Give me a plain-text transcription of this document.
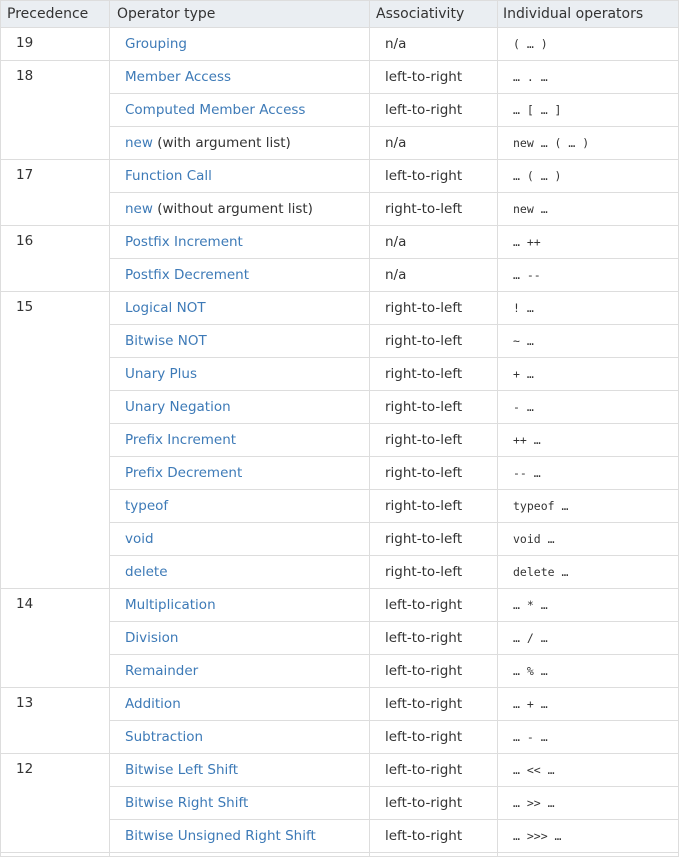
Precedence	Operator type	Associativity	Individual operators
19	Grouping	n/a	( … )
18	Member Access	left-to-right	… . …
	Computed Member Access	left-to-right	… [ … ]
	new (with argument list)	n/a	new … ( … )
17	Function Call	left-to-right	… ( … )
	new (without argument list)	right-to-left	new …
16	Postfix Increment	n/a	… ++
	Postfix Decrement	n/a	… --
15	Logical NOT	right-to-left	! …
	Bitwise NOT	right-to-left	~ …
	Unary Plus	right-to-left	+ …
	Unary Negation	right-to-left	- …
	Prefix Increment	right-to-left	++ …
	Prefix Decrement	right-to-left	-- …
	typeof	right-to-left	typeof …
	void	right-to-left	void …
	delete	right-to-left	delete …
14	Multiplication	left-to-right	… * …
	Division	left-to-right	… / …
	Remainder	left-to-right	… % …
13	Addition	left-to-right	… + …
	Subtraction	left-to-right	… - …
12	Bitwise Left Shift	left-to-right	… << …
	Bitwise Right Shift	left-to-right	… >> …
	Bitwise Unsigned Right Shift	left-to-right	… >>> …
